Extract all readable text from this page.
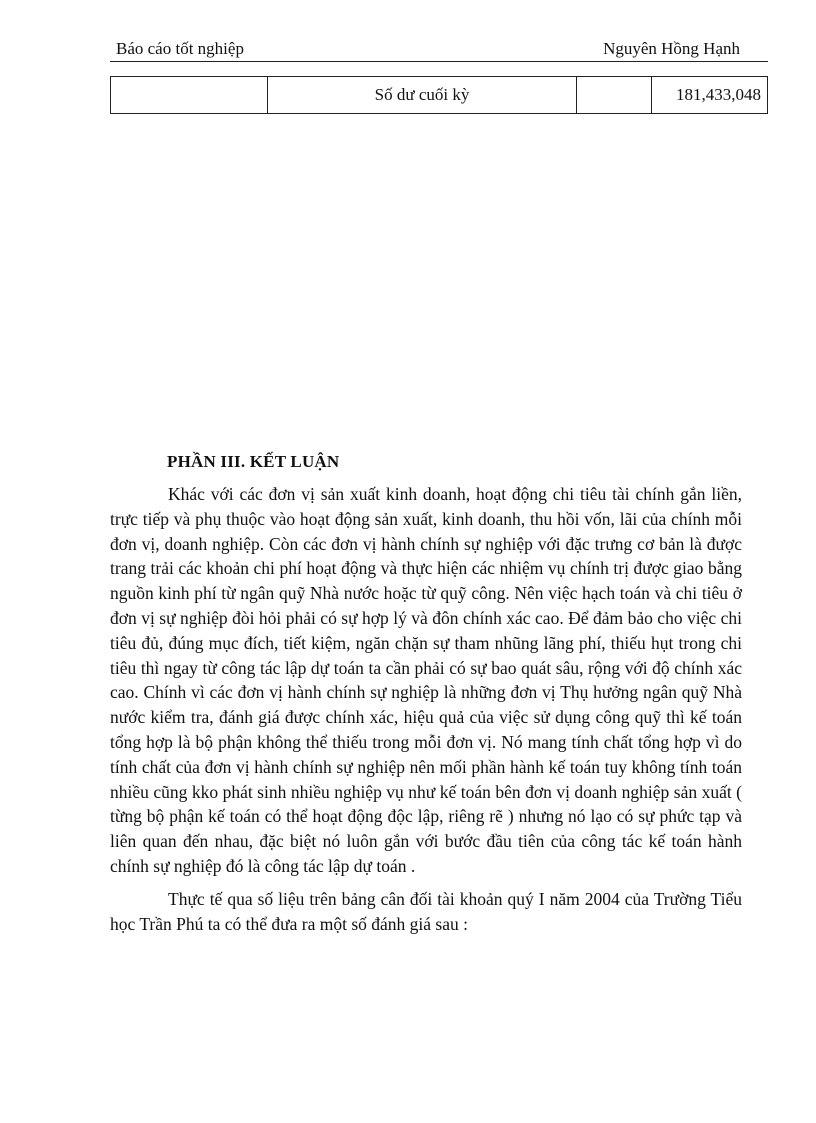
Báo cáo tốt nghiệp	Nguyên Hồng Hạnh
	Số dư cuối kỳ		181,433,048
PHẦN III. KẾT LUẬN

Khác với các đơn vị sản xuất kinh doanh, hoạt động chi tiêu tài chính gắn liền, trực tiếp và phụ thuộc vào hoạt động sản xuất, kinh doanh, thu hồi vốn, lãi của chính mỗi đơn vị, doanh nghiệp. Còn các đơn vị hành chính sự nghiệp với đặc trưng cơ bản là được trang trải các khoản chi phí hoạt động và thực hiện các nhiệm vụ chính trị được giao bằng nguồn kinh phí từ ngân quỹ Nhà nước hoặc từ quỹ công. Nên việc hạch toán và chi tiêu ở đơn vị sự nghiệp đòi hỏi phải có sự hợp lý và đôn chính xác cao. Để đảm bảo cho việc chi tiêu đủ, đúng mục đích, tiết kiệm, ngăn chặn sự tham nhũng lãng phí, thiếu hụt trong chi tiêu thì ngay từ công tác lập dự toán ta cần phải có sự bao quát sâu, rộng với độ chính xác cao. Chính vì các đơn vị hành chính sự nghiệp là những đơn vị Thụ hưởng ngân quỹ Nhà nước kiểm tra, đánh giá được chính xác, hiệu quả của việc sử dụng công quỹ thì kế toán tổng hợp là bộ phận không thể thiếu trong mỗi đơn vị. Nó mang tính chất tổng hợp vì do tính chất của đơn vị hành chính sự nghiệp nên mối phần hành kế toán tuy không tính toán nhiều cũng kko phát sinh nhiều nghiệp vụ như kế toán bên đơn vị doanh nghiệp sản xuất ( từng bộ phận kế toán có thể hoạt động độc lập, riêng rẽ ) nhưng nó lạo có sự phức tạp và liên quan đến nhau, đặc biệt nó luôn gắn với bước đầu tiên của công tác kế toán hành chính sự nghiệp đó là công tác lập dự toán .

Thực tế qua số liệu trên bảng cân đối tài khoản quý I năm 2004 của Trường Tiểu học Trần Phú ta có thể đưa ra một số đánh giá sau :
